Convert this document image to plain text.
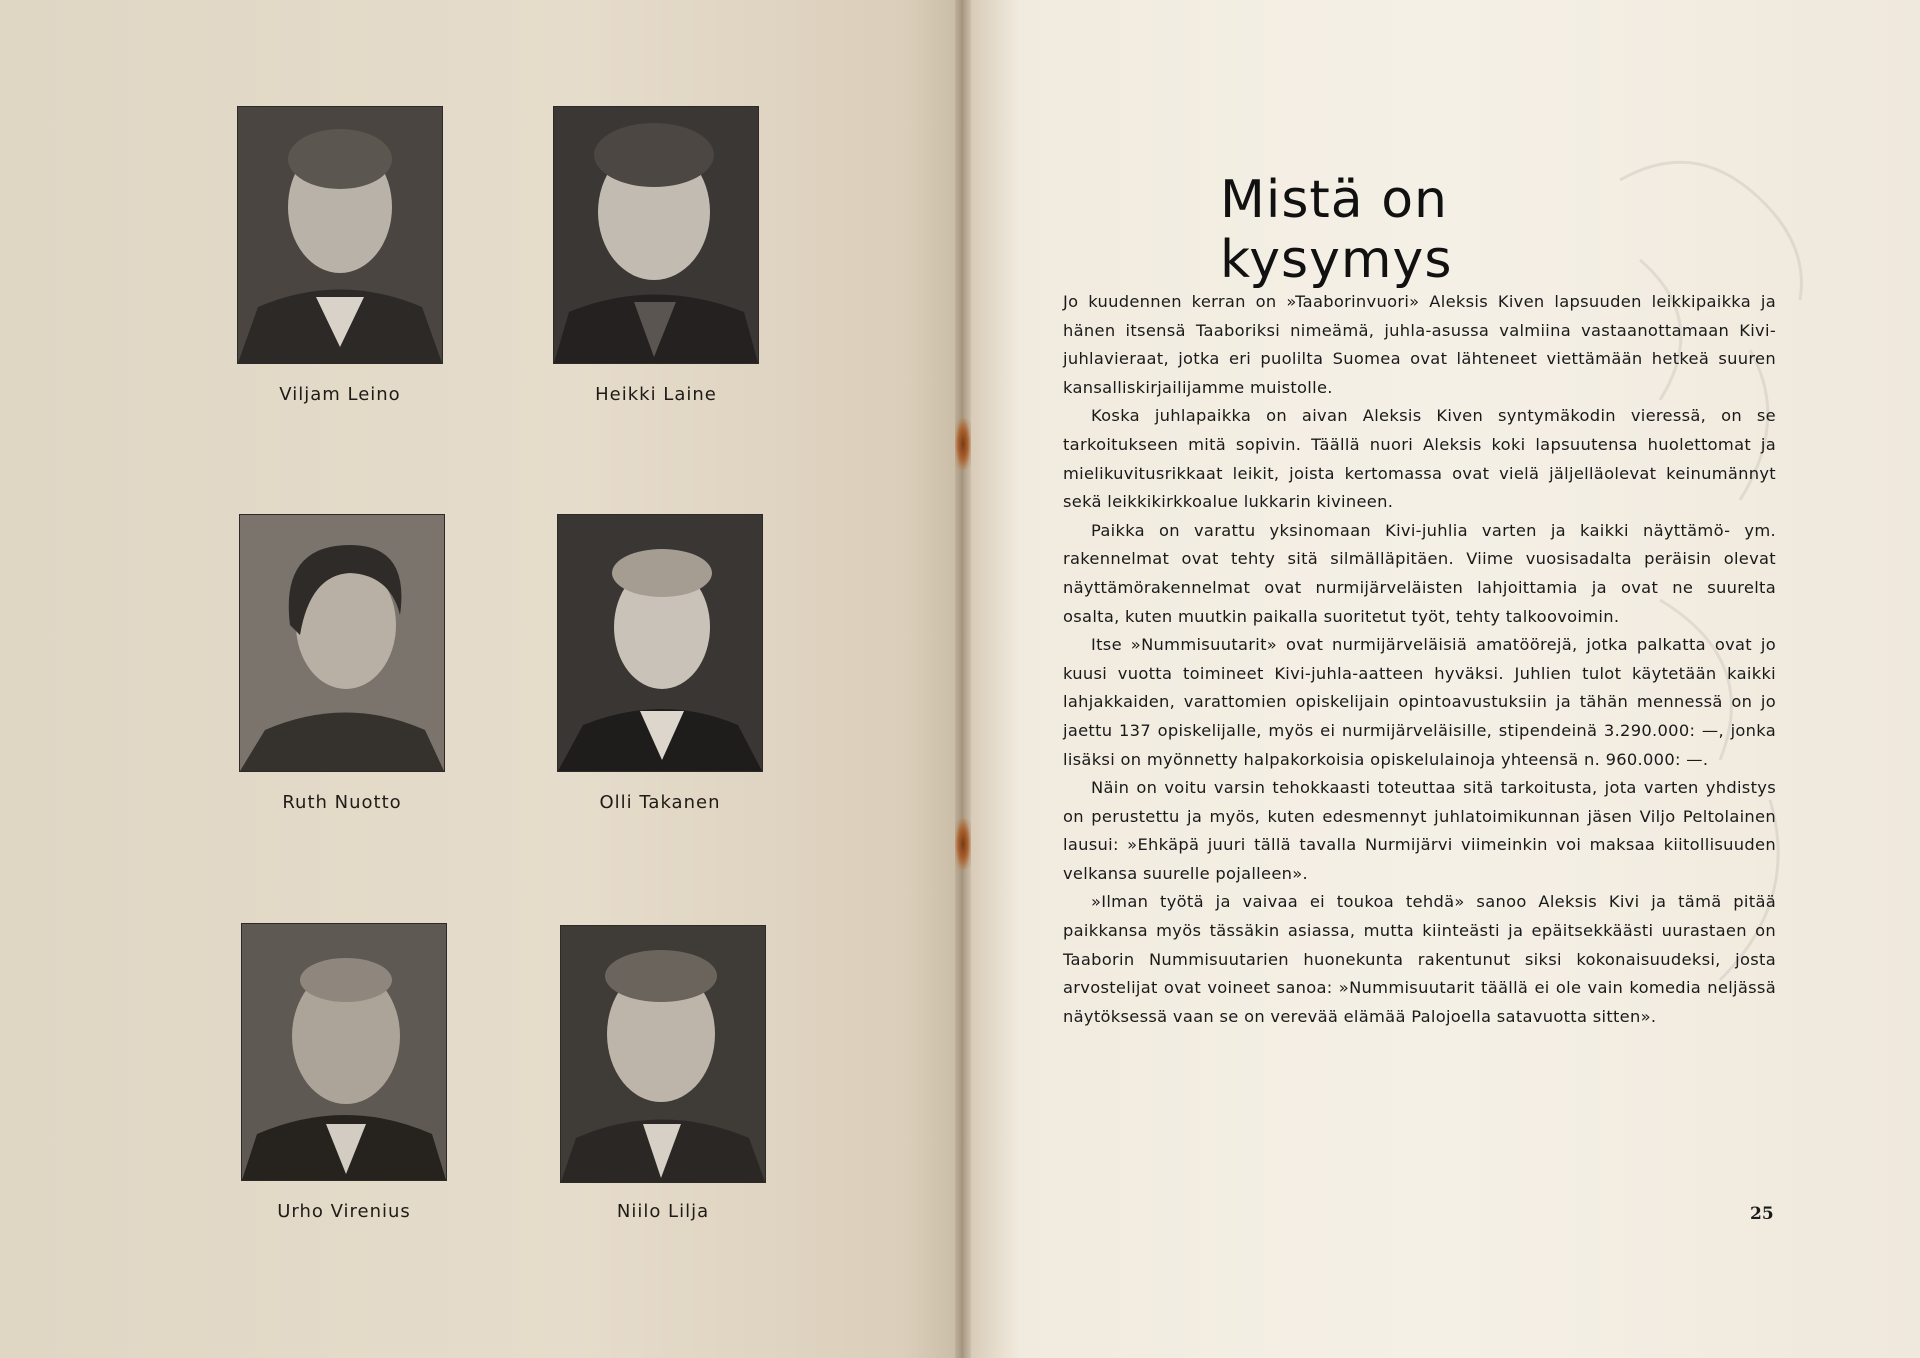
Viljam Leino	Heikki Laine
Ruth Nuotto	Olli Takanen
Urho Virenius	Niilo Lilja
Mistä on kysymys

Jo kuudennen kerran on »Taaborinvuori» Aleksis Kiven lapsuuden leikkipaikka ja hänen itsensä Taaboriksi nimeämä, juhla-asussa valmiina vastaanottamaan Kivi-juhlavieraat, jotka eri puolilta Suomea ovat lähteneet viettämään hetkeä suuren kansalliskirjailijamme muistolle.

Koska juhlapaikka on aivan Aleksis Kiven syntymäkodin vieressä, on se tarkoitukseen mitä sopivin. Täällä nuori Aleksis koki lapsuutensa huolettomat ja mielikuvitusrikkaat leikit, joista kertomassa ovat vielä jäljelläolevat keinumännyt sekä leikkikirkkoalue lukkarin kivineen.

Paikka on varattu yksinomaan Kivi-juhlia varten ja kaikki näyttämö- ym. rakennelmat ovat tehty sitä silmälläpitäen. Viime vuosisadalta peräisin olevat näyttämörakennelmat ovat nurmijärveläisten lahjoittamia ja ovat ne suurelta osalta, kuten muutkin paikalla suoritetut työt, tehty talkoovoimin.

Itse »Nummisuutarit» ovat nurmijärveläisiä amatöörejä, jotka palkatta ovat jo kuusi vuotta toimineet Kivi-juhla-aatteen hyväksi. Juhlien tulot käytetään kaikki lahjakkaiden, varattomien opiskelijain opintoavustuksiin ja tähän mennessä on jo jaettu 137 opiskelijalle, myös ei nurmijärveläisille, stipendeinä 3.290.000: —, jonka lisäksi on myönnetty halpakorkoisia opiskelulainoja yhteensä n. 960.000: —.

Näin on voitu varsin tehokkaasti toteuttaa sitä tarkoitusta, jota varten yhdistys on perustettu ja myös, kuten edesmennyt juhlatoimikunnan jäsen Viljo Peltolainen lausui: »Ehkäpä juuri tällä tavalla Nurmijärvi viimeinkin voi maksaa kiitollisuuden velkansa suurelle pojalleen».

»Ilman työtä ja vaivaa ei toukoa tehdä» sanoo Aleksis Kivi ja tämä pitää paikkansa myös tässäkin asiassa, mutta kiinteästi ja epäitsekkäästi uurastaen on Taaborin Nummisuutarien huonekunta rakentunut siksi kokonaisuudeksi, josta arvostelijat ovat voineet sanoa: »Nummisuutarit täällä ei ole vain komedia neljässä näytöksessä vaan se on verevää elämää Palojoella satavuotta sitten».

25
